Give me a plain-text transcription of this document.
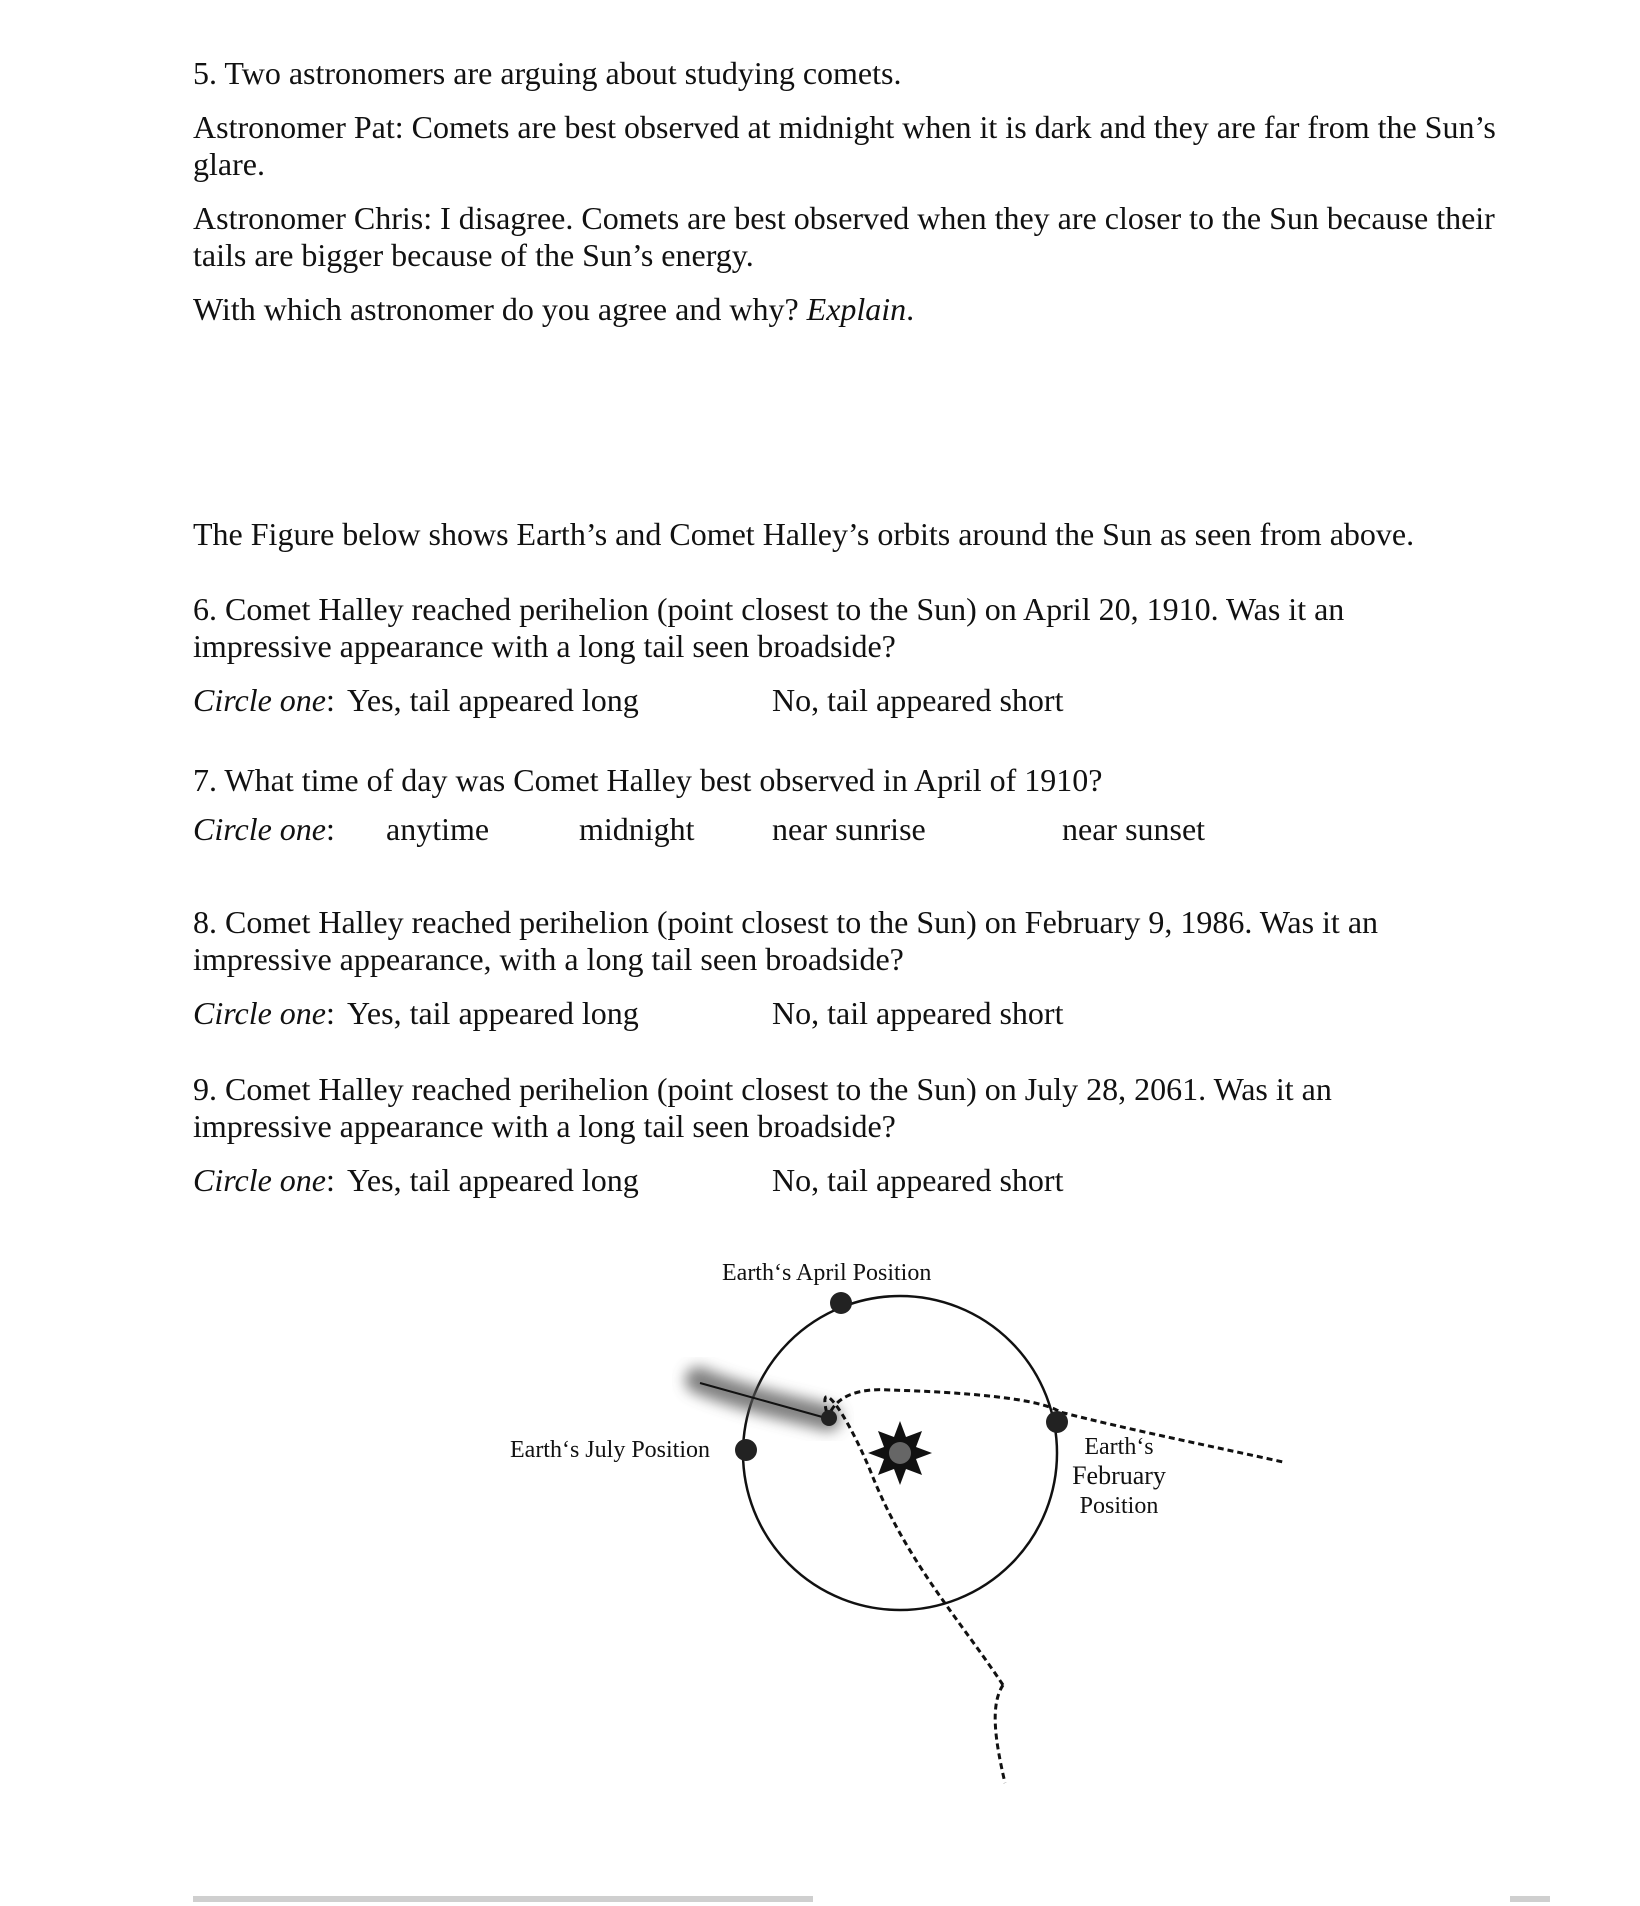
5. Two astronomers are arguing about studying comets.

Astronomer Pat: Comets are best observed at midnight when it is dark and they are far from the Sun’s glare.

Astronomer Chris: I disagree. Comets are best observed when they are closer to the Sun because their tails are bigger because of the Sun’s energy.

With which astronomer do you agree and why? Explain.

The Figure below shows Earth’s and Comet Halley’s orbits around the Sun as seen from above.

6. Comet Halley reached perihelion (point closest to the Sun) on April 20, 1910. Was it an impressive appearance with a long tail seen broadside?

Circle one: Yes, tail appeared long	No, tail appeared short

7. What time of day was Comet Halley best observed in April of 1910?

Circle one: anytime	midnight near sunrise	near sunset

8. Comet Halley reached perihelion (point closest to the Sun) on February 9, 1986. Was it an impressive appearance, with a long tail seen broadside?

Circle one: Yes, tail appeared long	No, tail appeared short

9. Comet Halley reached perihelion (point closest to the Sun) on July 28, 2061. Was it an impressive appearance with a long tail seen broadside?

Circle one: Yes, tail appeared long	No, tail appeared short
Earth‘s April Position
Earth‘s July Position	Earth‘s
February
Position
